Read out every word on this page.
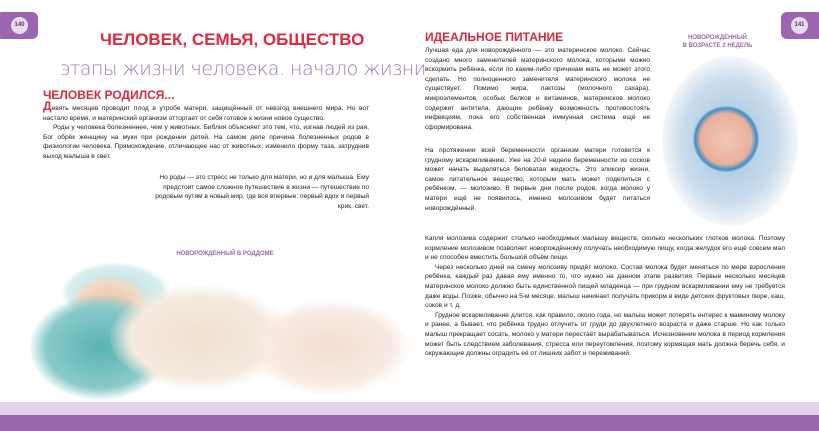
140	141
ЧЕЛОВЕК, СЕМЬЯ, ОБЩЕСТВО
этапы жизни человека. начало жизни
ЧЕЛОВЕК РОДИЛСЯ...

Девять месяцев проводит плод в утробе матери, защищённый от невзгод внешнего мира. Но вот настало время, и материнский организм отторгает от себя готовое к жизни новое существо.

Роды у человека болезненнее, чем у животных. Библия объясняет это тем, что, изгнав людей из рая, Бог обрёк женщину на муки при рождении детей. На самом деле причина болезненных родов в физиологии человека. Прямохождение, отличающее нас от животных, изменило форму таза, затруднив выход малыша в свет.

Но роды — это стресс не только для матери, но и для малыша. Ему предстоит самое сложное путешествие в жизни — путешествие по родовым путям в новый мир, где всё впервые: первый вдох и первый крик, свет.
НОВОРОЖДЁННЫЙ В РОДДОМЕ
ИДЕАЛЬНОЕ ПИТАНИЕ
Лучшая еда для новорождённого — это материнское молоко. Сейчас создано много заменителей материнского молока, которыми можно вскормить ребёнка, если по каким-либо причинам мать не может этого сделать. Но полноценного заменителя материнского молока не существует. Помимо жира, лактозы (молочного сахара), микроэлементов, особых белков и витаминов, материнское молоко содержит антитела, дающие ребёнку возможность противостоять инфекциям, пока его собственная иммунная система ещё не сформирована.
На протяжении всей беременности организм матери готовится к грудному вскармливанию. Уже на 20-й неделе беременности из сосков может начать выделяться беловатая жидкость. Это эликсир жизни, самое питательное вещество, которым мать может поделиться с ребёнком, — молозиво. В первые дни после родов, когда молоко у матери ещё не появилось, именно молозивом будет питаться новорождённый.

Капля молозива содержит столько необходимых малышу веществ, сколько нескольких глотков молока. Поэтому кормление молозивом позволяет новорождённому получать необходимую пищу, когда желудок его ещё совсем мал и не способен вместить большой объём пищи.

Через несколько дней на смену молозиву придёт молоко. Состав молока будет меняться по мере взросления ребёнка, каждый раз давая ему именно то, что нужно на данном этапе развития. Первые несколько месяцев материнское молоко должно быть единственной пищей младенца — при грудном вскармливании ему не требуется даже воды. Позже, обычно на 5-м месяце, малыш начинает получать прикорм в виде детских фруктовых пюре, каш, соков и т. д.

Грудное вскармливание длится, как правило, около года, но малыш может потерять интерес к маминому молоку и ранее, а бывает, что ребёнка трудно отлучить от груди до двухлетнего возраста и даже старше. Но как только малыш прекращает сосать, молоко у матери перестаёт вырабатываться. Исчезновение молока в период кормления может быть следствием заболевания, стресса или переутомления, поэтому кормящая мать должна беречь себя, и окружающие должны оградить её от лишних забот и переживаний.

НОВОРОЖДЁННЫЙ
В ВОЗРАСТЕ 2 НЕДЕЛЬ
